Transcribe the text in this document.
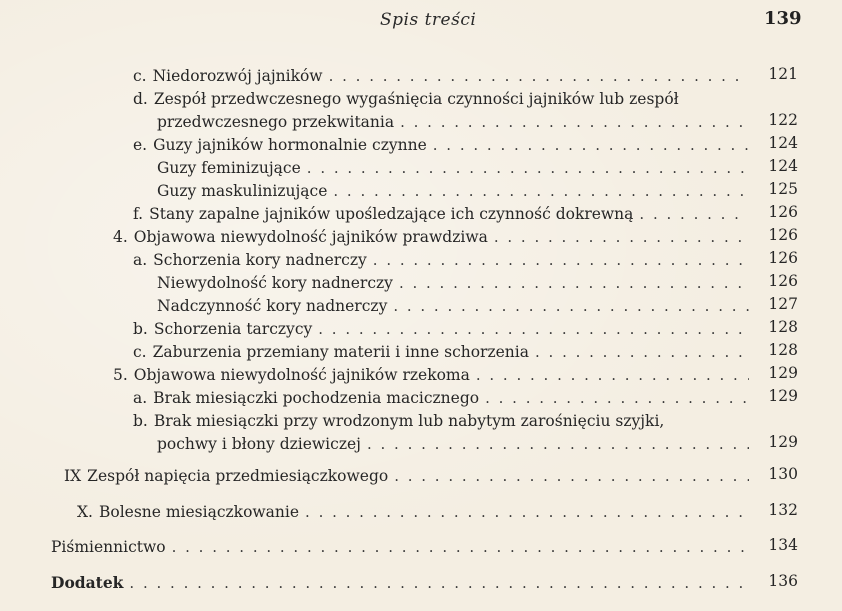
Spis treści	139
c. Niedorozwój jajników . . .	121
d. Zespół przedwczesnego wygaśnięcia czynności jajników lub zespół
przedwczesnego przekwitania . . .	122
e. Guzy jajników hormonalnie czynne . . .	124
Guzy feminizujące . . .	124
Guzy maskulinizujące . . .	125
f. Stany zapalne jajników upośledzające ich czynność dokrewną . . .	126
4. Objawowa niewydolność jajników prawdziwa . . .	126
a. Schorzenia kory nadnerczy . . .	126
Niewydolność kory nadnerczy . . .	126
Nadczynność kory nadnerczy . . .	127
b. Schorzenia tarczycy . . .	128
c. Zaburzenia przemiany materii i inne schorzenia . . .	128
5. Objawowa niewydolność jajników rzekoma . . .	129
a. Brak miesiączki pochodzenia macicznego . . .	129
b. Brak miesiączki przy wrodzonym lub nabytym zarośnięciu szyjki,
pochwy i błony dziewiczej . . .	129
IX Zespół napięcia przedmiesiączkowego . . .	130
X. Bolesne miesiączkowanie . . .	132
Piśmiennictwo . . .	134
Dodatek . . .	136
